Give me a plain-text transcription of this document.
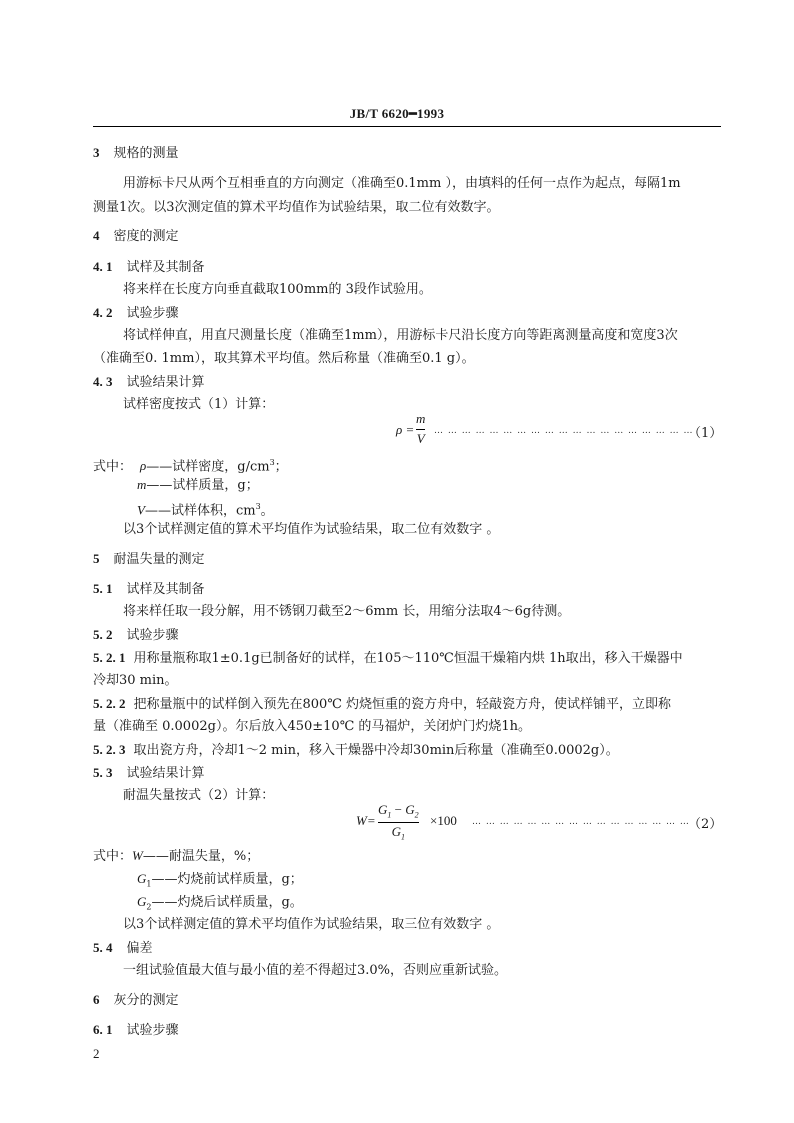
JB/T 6620━1993
3 规格的测量
用游标卡尺从两个互相垂直的方向测定（准确至0.1mm ），由填料的任何一点作为起点，每隔1m
测量1次。以3次测定值的算术平均值作为试验结果，取二位有效数字。
4 密度的测定
4. 1 试样及其制备
将来样在长度方向垂直截取100mm的 3段作试验用。
4. 2 试验步骤
将试样伸直，用直尺测量长度（准确至1mm），用游标卡尺沿长度方向等距离测量高度和宽度3次
（准确至0. 1mm），取其算术平均值。然后称量（准确至0.1 g）。
4. 3 试验结果计算
试样密度按式（1）计算：
ρ =
m
V … … … … … … … … … … … … … … … … … … …
（1）
式中： ρ——试样密度，$g/cm^3$；
m——试样质量，g；
V——试样体积，$cm^3$。
以3个试样测定值的算术平均值作为试验结果，取二位有效数字 。
5 耐温失量的测定
5. 1 试样及其制备
将来样任取一段分解，用不锈钢刀截至2～6mm 长，用缩分法取4～6g待测。
5. 2 试验步骤
5. 2. 1 用称量瓶称取1±0.1g已制备好的试样，在105～110℃恒温干燥箱内烘 1h取出，移入干燥器中
冷却30 min。
5. 2. 2 把称量瓶中的试样倒入预先在800℃ 灼烧恒重的瓷方舟中，轻敲瓷方舟，使试样铺平，立即称
量（准确至 0.0002g）。尔后放入450±10℃ 的马福炉，关闭炉门灼烧1h。
5. 2. 3 取出瓷方舟，冷却1～2 min，移入干燥器中冷却30min后称量（准确至0.0002g）。
5. 3 试验结果计算
耐温失量按式（2）计算：
W=
$G_1 - G_2$
$G_1$
×100 … … … … … … … … … … … … … … … …
（2）
式中：W——耐温失量，%；
$G_1——$灼烧前试样质量，g；
$G_2——$灼烧后试样质量，g。
以3个试样测定值的算术平均值作为试验结果，取三位有效数字 。
5. 4 偏差
一组试验值最大值与最小值的差不得超过3.0%，否则应重新试验。
6 灰分的测定
6. 1 试验步骤
2
